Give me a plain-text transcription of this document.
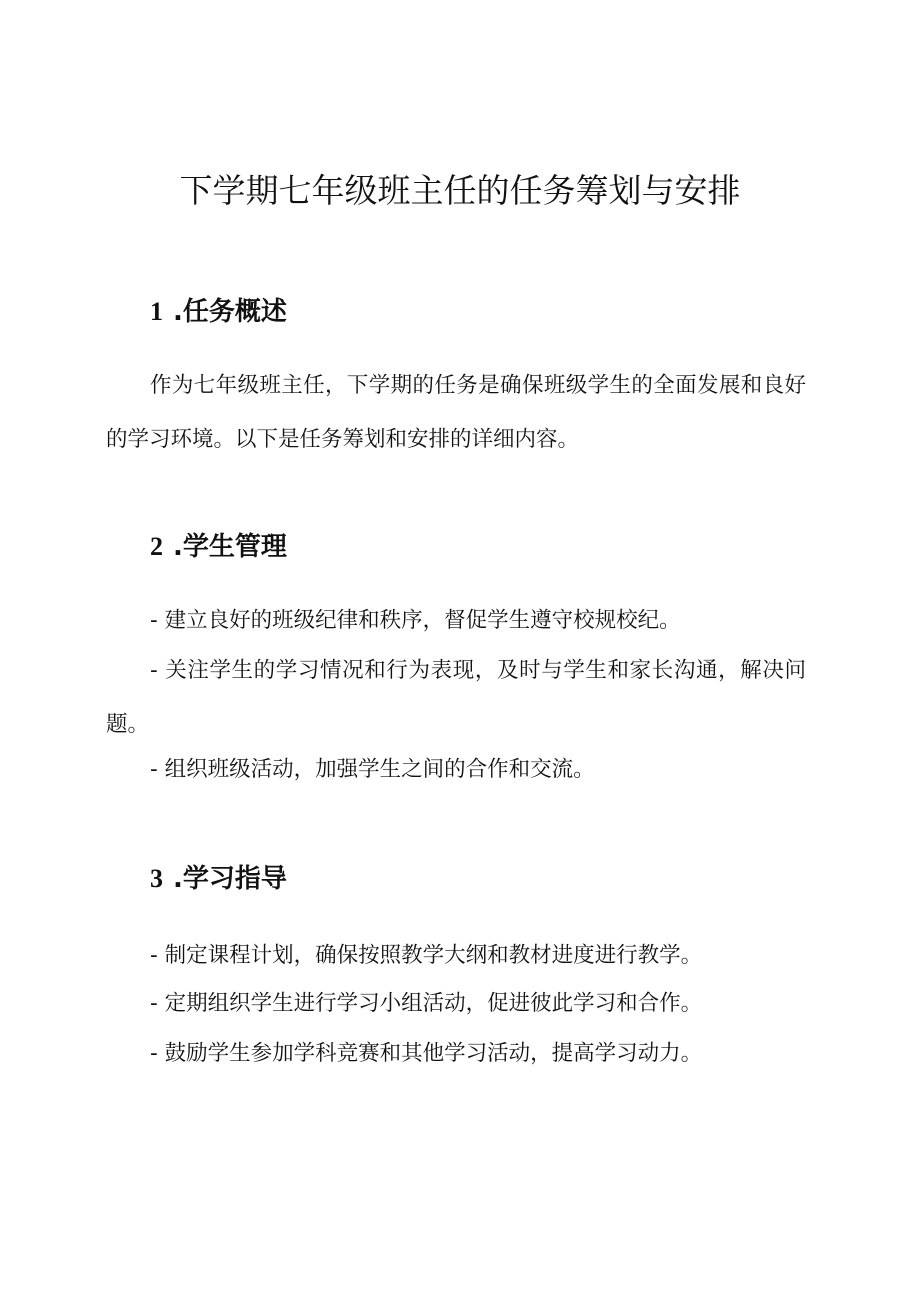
下学期七年级班主任的任务筹划与安排
1 .任务概述

作为七年级班主任，下学期的任务是确保班级学生的全面发展和良好的学习环境。以下是任务筹划和安排的详细内容。

2 .学生管理

- 建立良好的班级纪律和秩序，督促学生遵守校规校纪。

- 关注学生的学习情况和行为表现，及时与学生和家长沟通，解决问题。

- 组织班级活动，加强学生之间的合作和交流。

3 .学习指导

- 制定课程计划，确保按照教学大纲和教材进度进行教学。

- 定期组织学生进行学习小组活动，促进彼此学习和合作。

- 鼓励学生参加学科竞赛和其他学习活动，提高学习动力。
